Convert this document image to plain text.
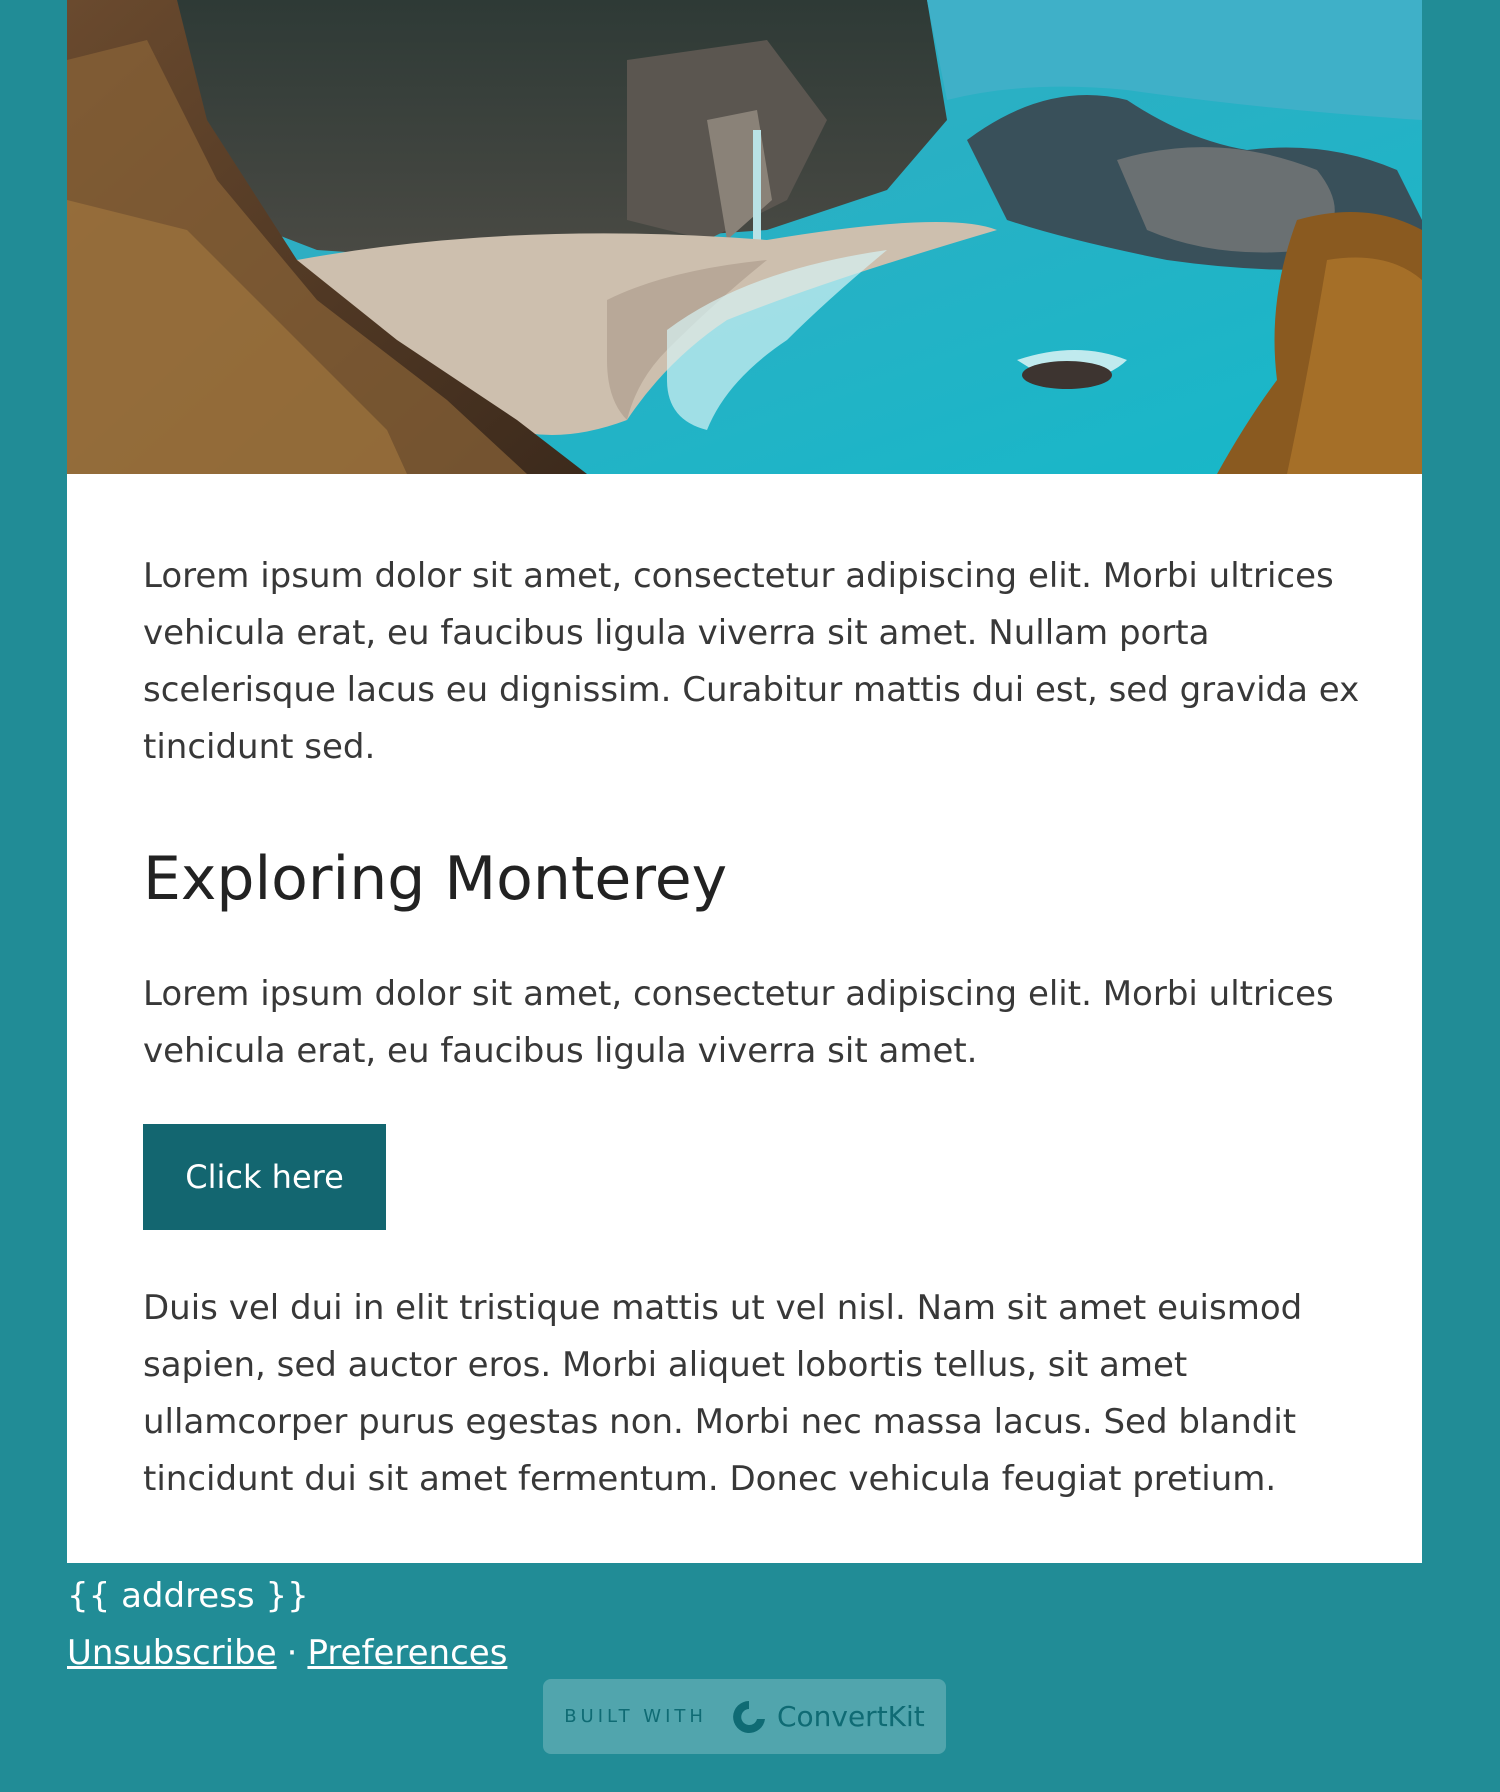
Lorem ipsum dolor sit amet, consectetur adipiscing elit. Morbi ultrices
vehicula erat, eu faucibus ligula viverra sit amet. Nullam porta
scelerisque lacus eu dignissim. Curabitur mattis dui est, sed gravida ex
tincidunt sed.

Exploring Monterey

Lorem ipsum dolor sit amet, consectetur adipiscing elit. Morbi ultrices
vehicula erat, eu faucibus ligula viverra sit amet.

Click here

Duis vel dui in elit tristique mattis ut vel nisl. Nam sit amet euismod
sapien, sed auctor eros. Morbi aliquet lobortis tellus, sit amet
ullamcorper purus egestas non. Morbi nec massa lacus. Sed blandit
tincidunt dui sit amet fermentum. Donec vehicula feugiat pretium.

{{ address }}
Unsubscribe · Preferences
BUILT WITH	ConvertKit
